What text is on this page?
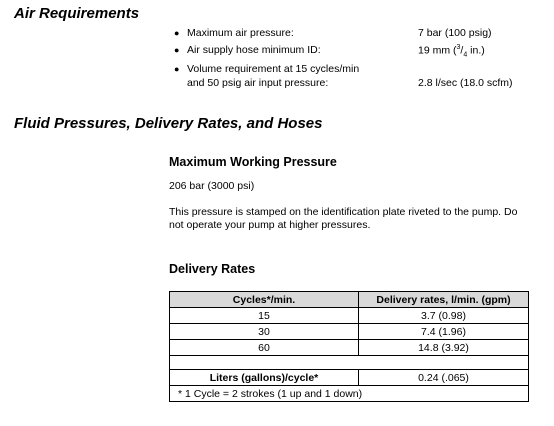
Air Requirements
● Maximum air pressure:	7 bar (100 psig)
● Air supply hose minimum ID:	19 mm ($^3/_4$ in.)
● Volume requirement at 15 cycles/min
and 50 psig air input pressure:	2.8 l/sec (18.0 scfm)
Fluid Pressures, Delivery Rates, and Hoses
Maximum Working Pressure
206 bar (3000 psi)
This pressure is stamped on the identification plate riveted to the pump. Do
not operate your pump at higher pressures.
Delivery Rates
Cycles*/min.	Delivery rates, l/min. (gpm)
15	3.7 (0.98)
30	7.4 (1.96)
60	14.8 (3.92)

Liters (gallons)/cycle*	0.24 (.065)
* 1 Cycle = 2 strokes (1 up and 1 down)	
